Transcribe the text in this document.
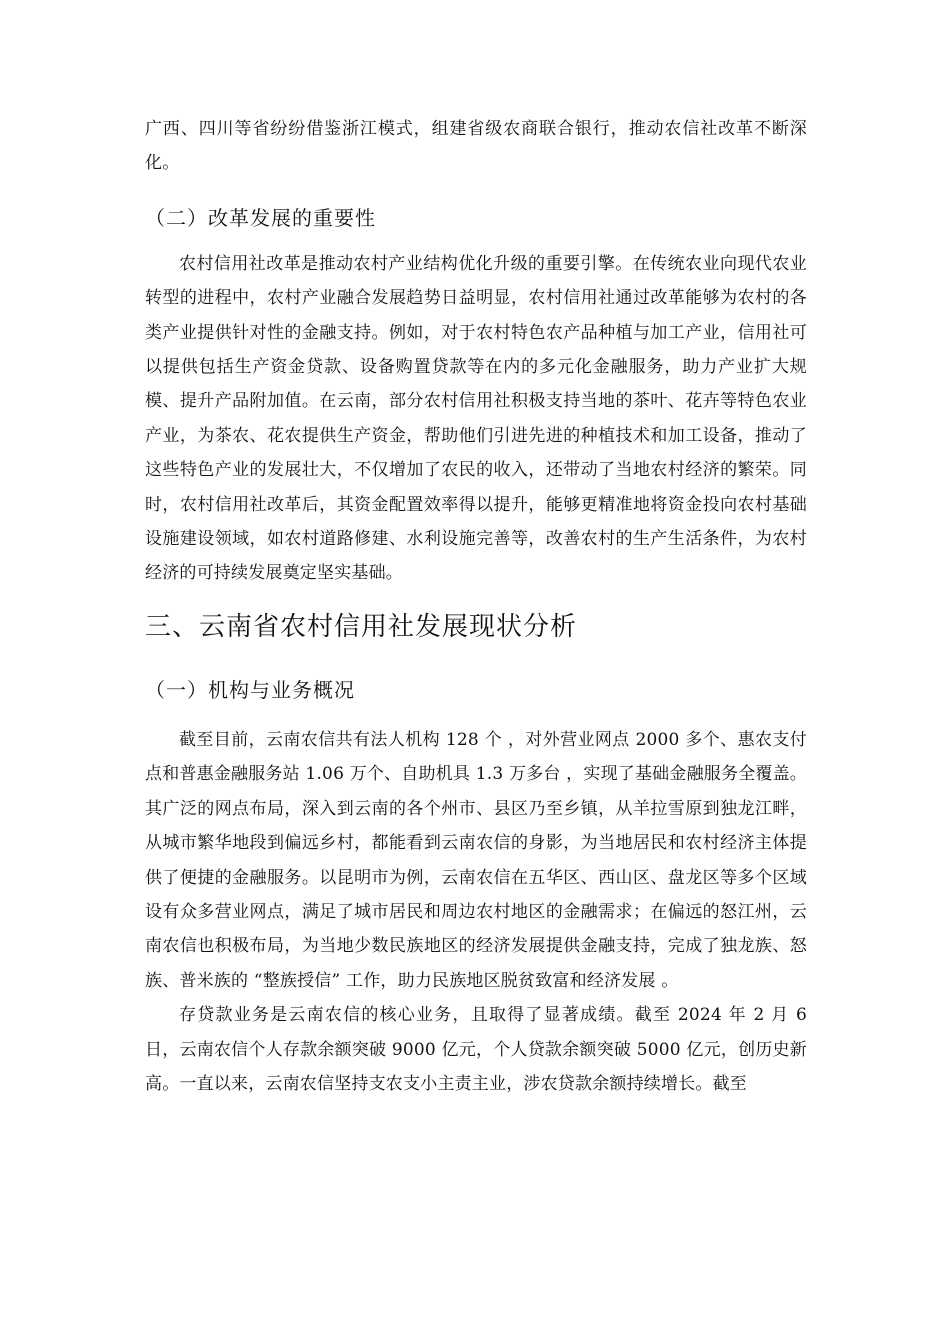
广西、四川等省纷纷借鉴浙江模式，组建省级农商联合银行，推动农信社改革不断深化。

（二）改革发展的重要性

农村信用社改革是推动农村产业结构优化升级的重要引擎。在传统农业向现代农业转型的进程中，农村产业融合发展趋势日益明显，农村信用社通过改革能够为农村的各类产业提供针对性的金融支持。例如，对于农村特色农产品种植与加工产业，信用社可以提供包括生产资金贷款、设备购置贷款等在内的多元化金融服务，助力产业扩大规模、提升产品附加值。在云南，部分农村信用社积极支持当地的茶叶、花卉等特色农业产业，为茶农、花农提供生产资金，帮助他们引进先进的种植技术和加工设备，推动了这些特色产业的发展壮大，不仅增加了农民的收入，还带动了当地农村经济的繁荣。同时，农村信用社改革后，其资金配置效率得以提升，能够更精准地将资金投向农村基础设施建设领域，如农村道路修建、水利设施完善等，改善农村的生产生活条件，为农村经济的可持续发展奠定坚实基础。

三、云南省农村信用社发展现状分析
（一）机构与业务概况

截至目前，云南农信共有法人机构 128 个 ，对外营业网点 2000 多个、惠农支付点和普惠金融服务站 1.06 万个、自助机具 1.3 万多台 ，实现了基础金融服务全覆盖。其广泛的网点布局，深入到云南的各个州市、县区乃至乡镇，从羊拉雪原到独龙江畔，从城市繁华地段到偏远乡村，都能看到云南农信的身影，为当地居民和农村经济主体提供了便捷的金融服务。以昆明市为例，云南农信在五华区、西山区、盘龙区等多个区域设有众多营业网点，满足了城市居民和周边农村地区的金融需求；在偏远的怒江州，云南农信也积极布局，为当地少数民族地区的经济发展提供金融支持，完成了独龙族、怒族、普米族的 “整族授信” 工作，助力民族地区脱贫致富和经济发展 。

存贷款业务是云南农信的核心业务，且取得了显著成绩。截至 2024 年 2 月 6 日，云南农信个人存款余额突破 9000 亿元，个人贷款余额突破 5000 亿元，创历史新高。一直以来，云南农信坚持支农支小主责主业，涉农贷款余额持续增长。截至
